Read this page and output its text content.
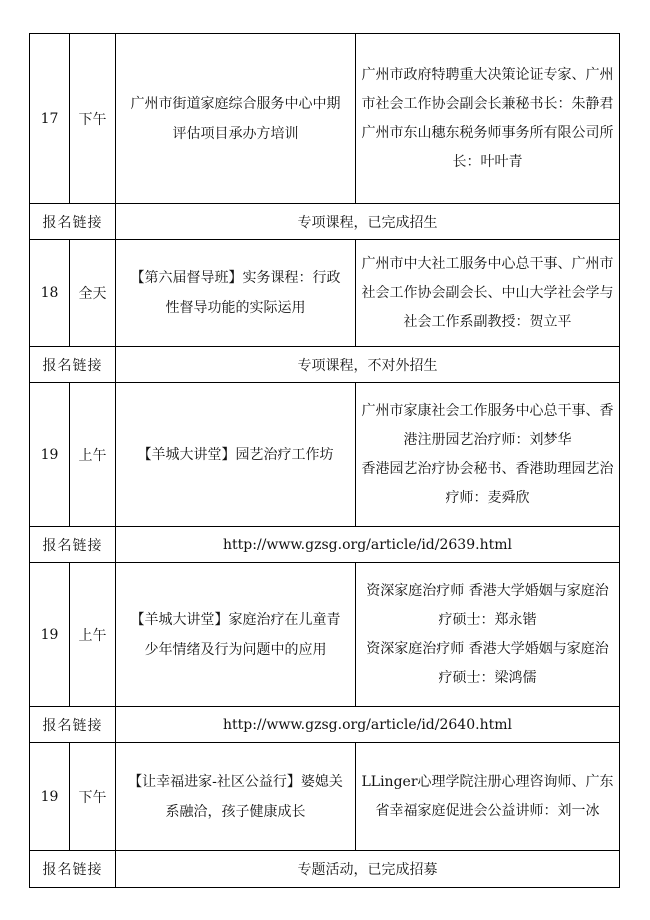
17	下午	广州市街道家庭综合服务中心中期评估项目承办方培训	广州市政府特聘重大决策论证专家、广州市社会工作协会副会长兼秘书长：朱静君
广州市东山穗东税务师事务所有限公司所长：叶叶青

报名链接		专项课程，已完成招生	
18	全天	【第六届督导班】实务课程：行政性督导功能的实际运用	广州市中大社工服务中心总干事、广州市社会工作协会副会长、中山大学社会学与社会工作系副教授：贺立平

报名链接		专项课程，不对外招生	
19	上午	【羊城大讲堂】园艺治疗工作坊	广州市家康社会工作服务中心总干事、香港注册园艺治疗师：刘梦华
香港园艺治疗协会秘书、香港助理园艺治疗师：麦舜欣

报名链接		http://www.gzsg.org/article/id/2639.html	
19	上午	【羊城大讲堂】家庭治疗在儿童青少年情绪及行为问题中的应用	资深家庭治疗师 香港大学婚姻与家庭治疗硕士：郑永锴
资深家庭治疗师 香港大学婚姻与家庭治疗硕士：梁鸿儒

报名链接		http://www.gzsg.org/article/id/2640.html	
19	下午	【让幸福进家-社区公益行】婆媳关系融洽，孩子健康成长	LLinger心理学院注册心理咨询师、广东省幸福家庭促进会公益讲师：刘一冰

报名链接		专题活动，已完成招募	
